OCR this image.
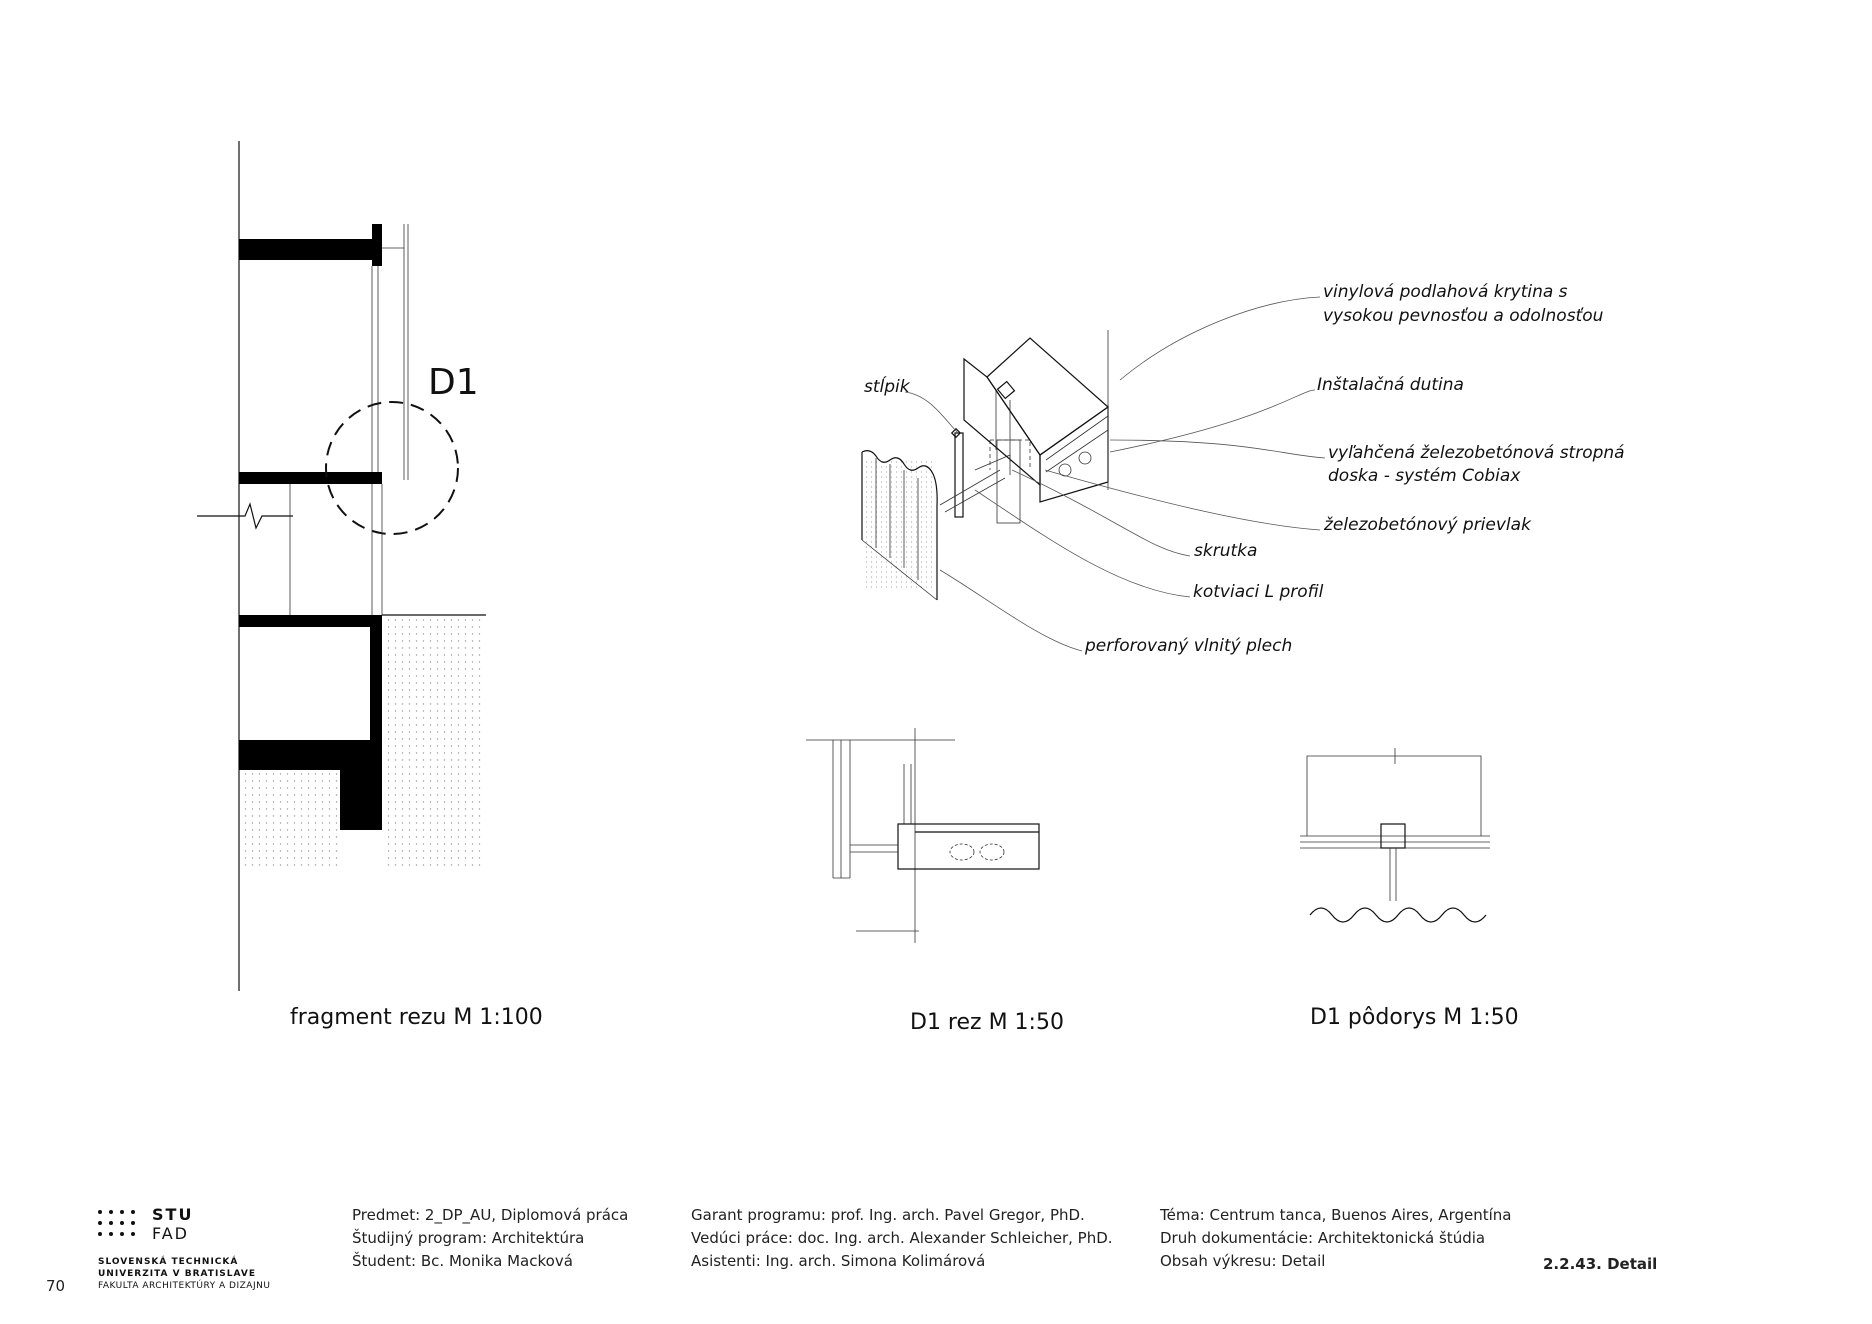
D1
fragment rezu M 1:100
vinylová podlahová krytina s
vysokou pevnosťou a odolnosťou
stĺpik	Inštalačná dutina
vyľahčená železobetónová stropná
doska - systém Cobiax
železobetónový prievlak
skrutka
kotviaci L profil
perforovaný vlnitý plech
D1 rez M 1:50	D1 pôdorys M 1:50
STU
FAD
SLOVENSKÁ TECHNICKÁ
UNIVERZITA V BRATISLAVE
FAKULTA ARCHITEKTÚRY A DIZAJNU
70
Predmet: 2_DP_AU, Diplomová práca
Študijný program: Architektúra
Študent: Bc. Monika Macková
Garant programu: prof. Ing. arch. Pavel Gregor, PhD.
Vedúci práce: doc. Ing. arch. Alexander Schleicher, PhD.
Asistenti: Ing. arch. Simona Kolimárová
Téma: Centrum tanca, Buenos Aires, Argentína
Druh dokumentácie: Architektonická štúdia
Obsah výkresu: Detail	2.2.43. Detail
